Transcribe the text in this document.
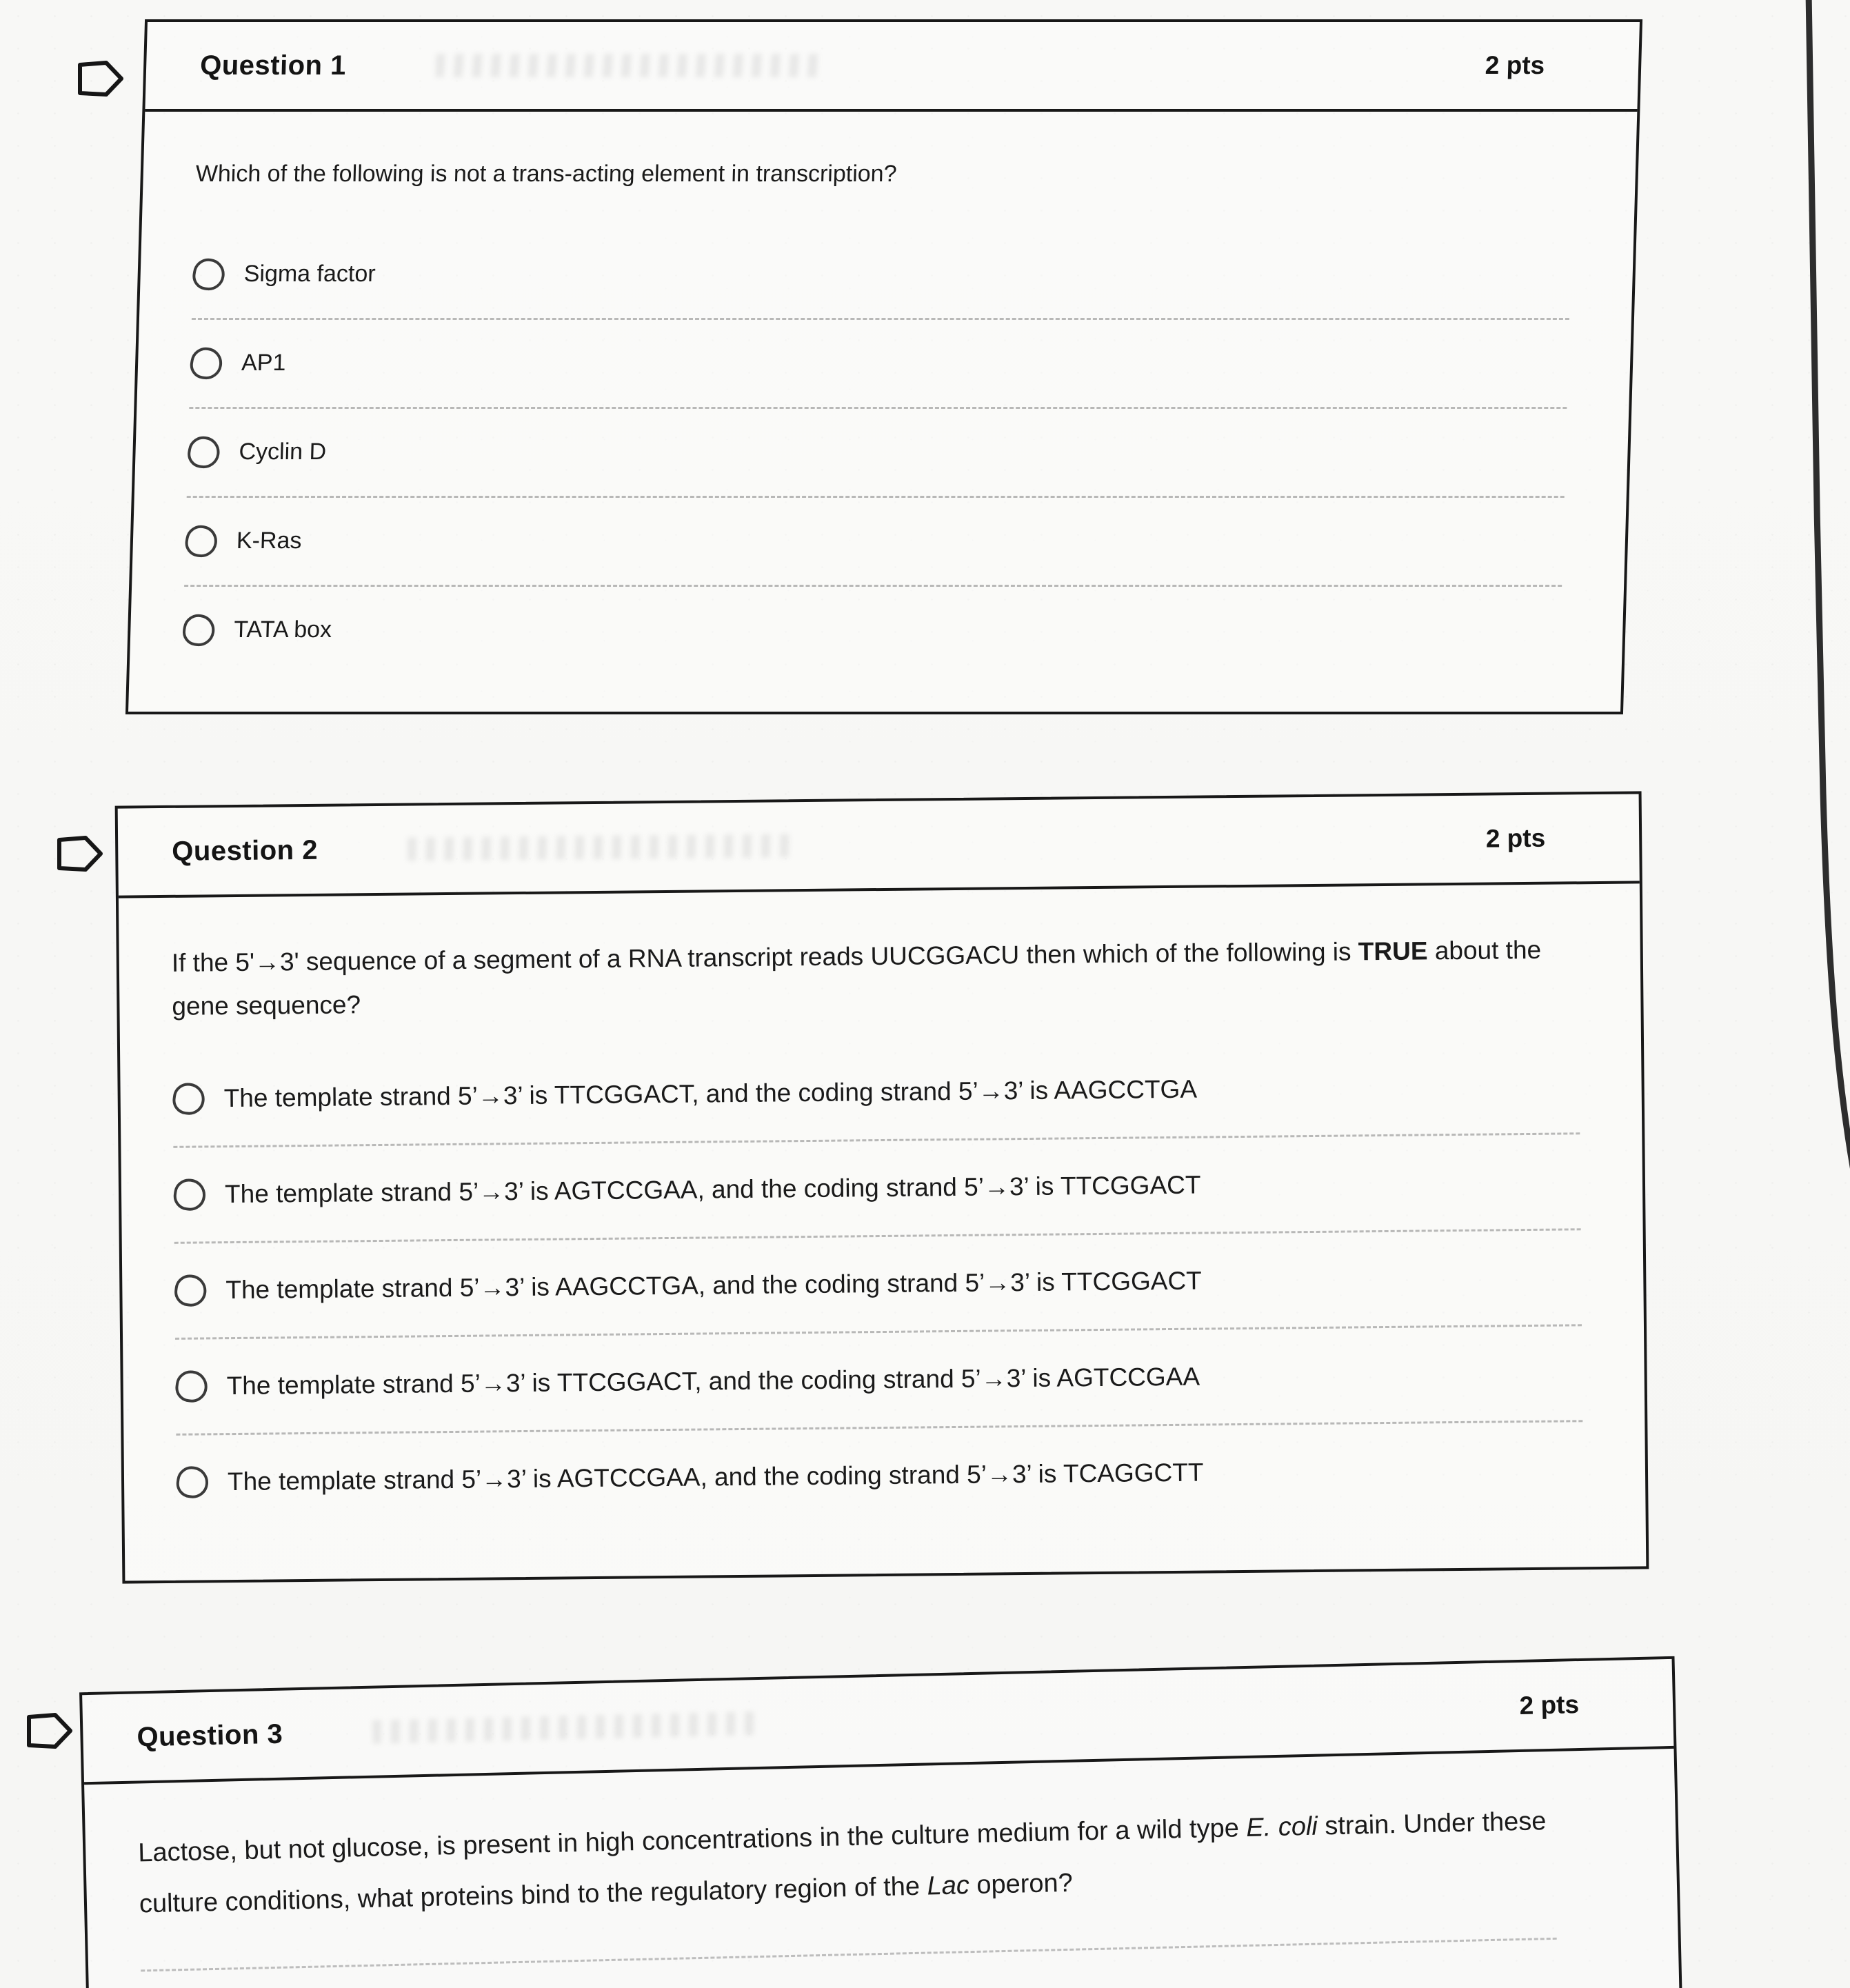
Question 1	2 pts
Which of the following is not a trans-acting element in transcription?
Sigma factor
AP1
Cyclin D
K-Ras
TATA box
Question 2	2 pts
If the 5'→3' sequence of a segment of a RNA transcript reads UUCGGACU then which of the following is TRUE about the gene sequence?
The template strand 5’→3’ is TTCGGACT, and the coding strand 5’→3’ is AAGCCTGA
The template strand 5’→3’ is AGTCCGAA, and the coding strand 5’→3’ is TTCGGACT
The template strand 5’→3’ is AAGCCTGA, and the coding strand 5’→3’ is TTCGGACT
The template strand 5’→3’ is TTCGGACT, and the coding strand 5’→3’ is AGTCCGAA
The template strand 5’→3’ is AGTCCGAA, and the coding strand 5’→3’ is TCAGGCTT
Question 3
2 pts
Lactose, but not glucose, is present in high concentrations in the culture medium for a wild type E. coli strain. Under these culture conditions, what proteins bind to the regulatory region of the Lac operon?
